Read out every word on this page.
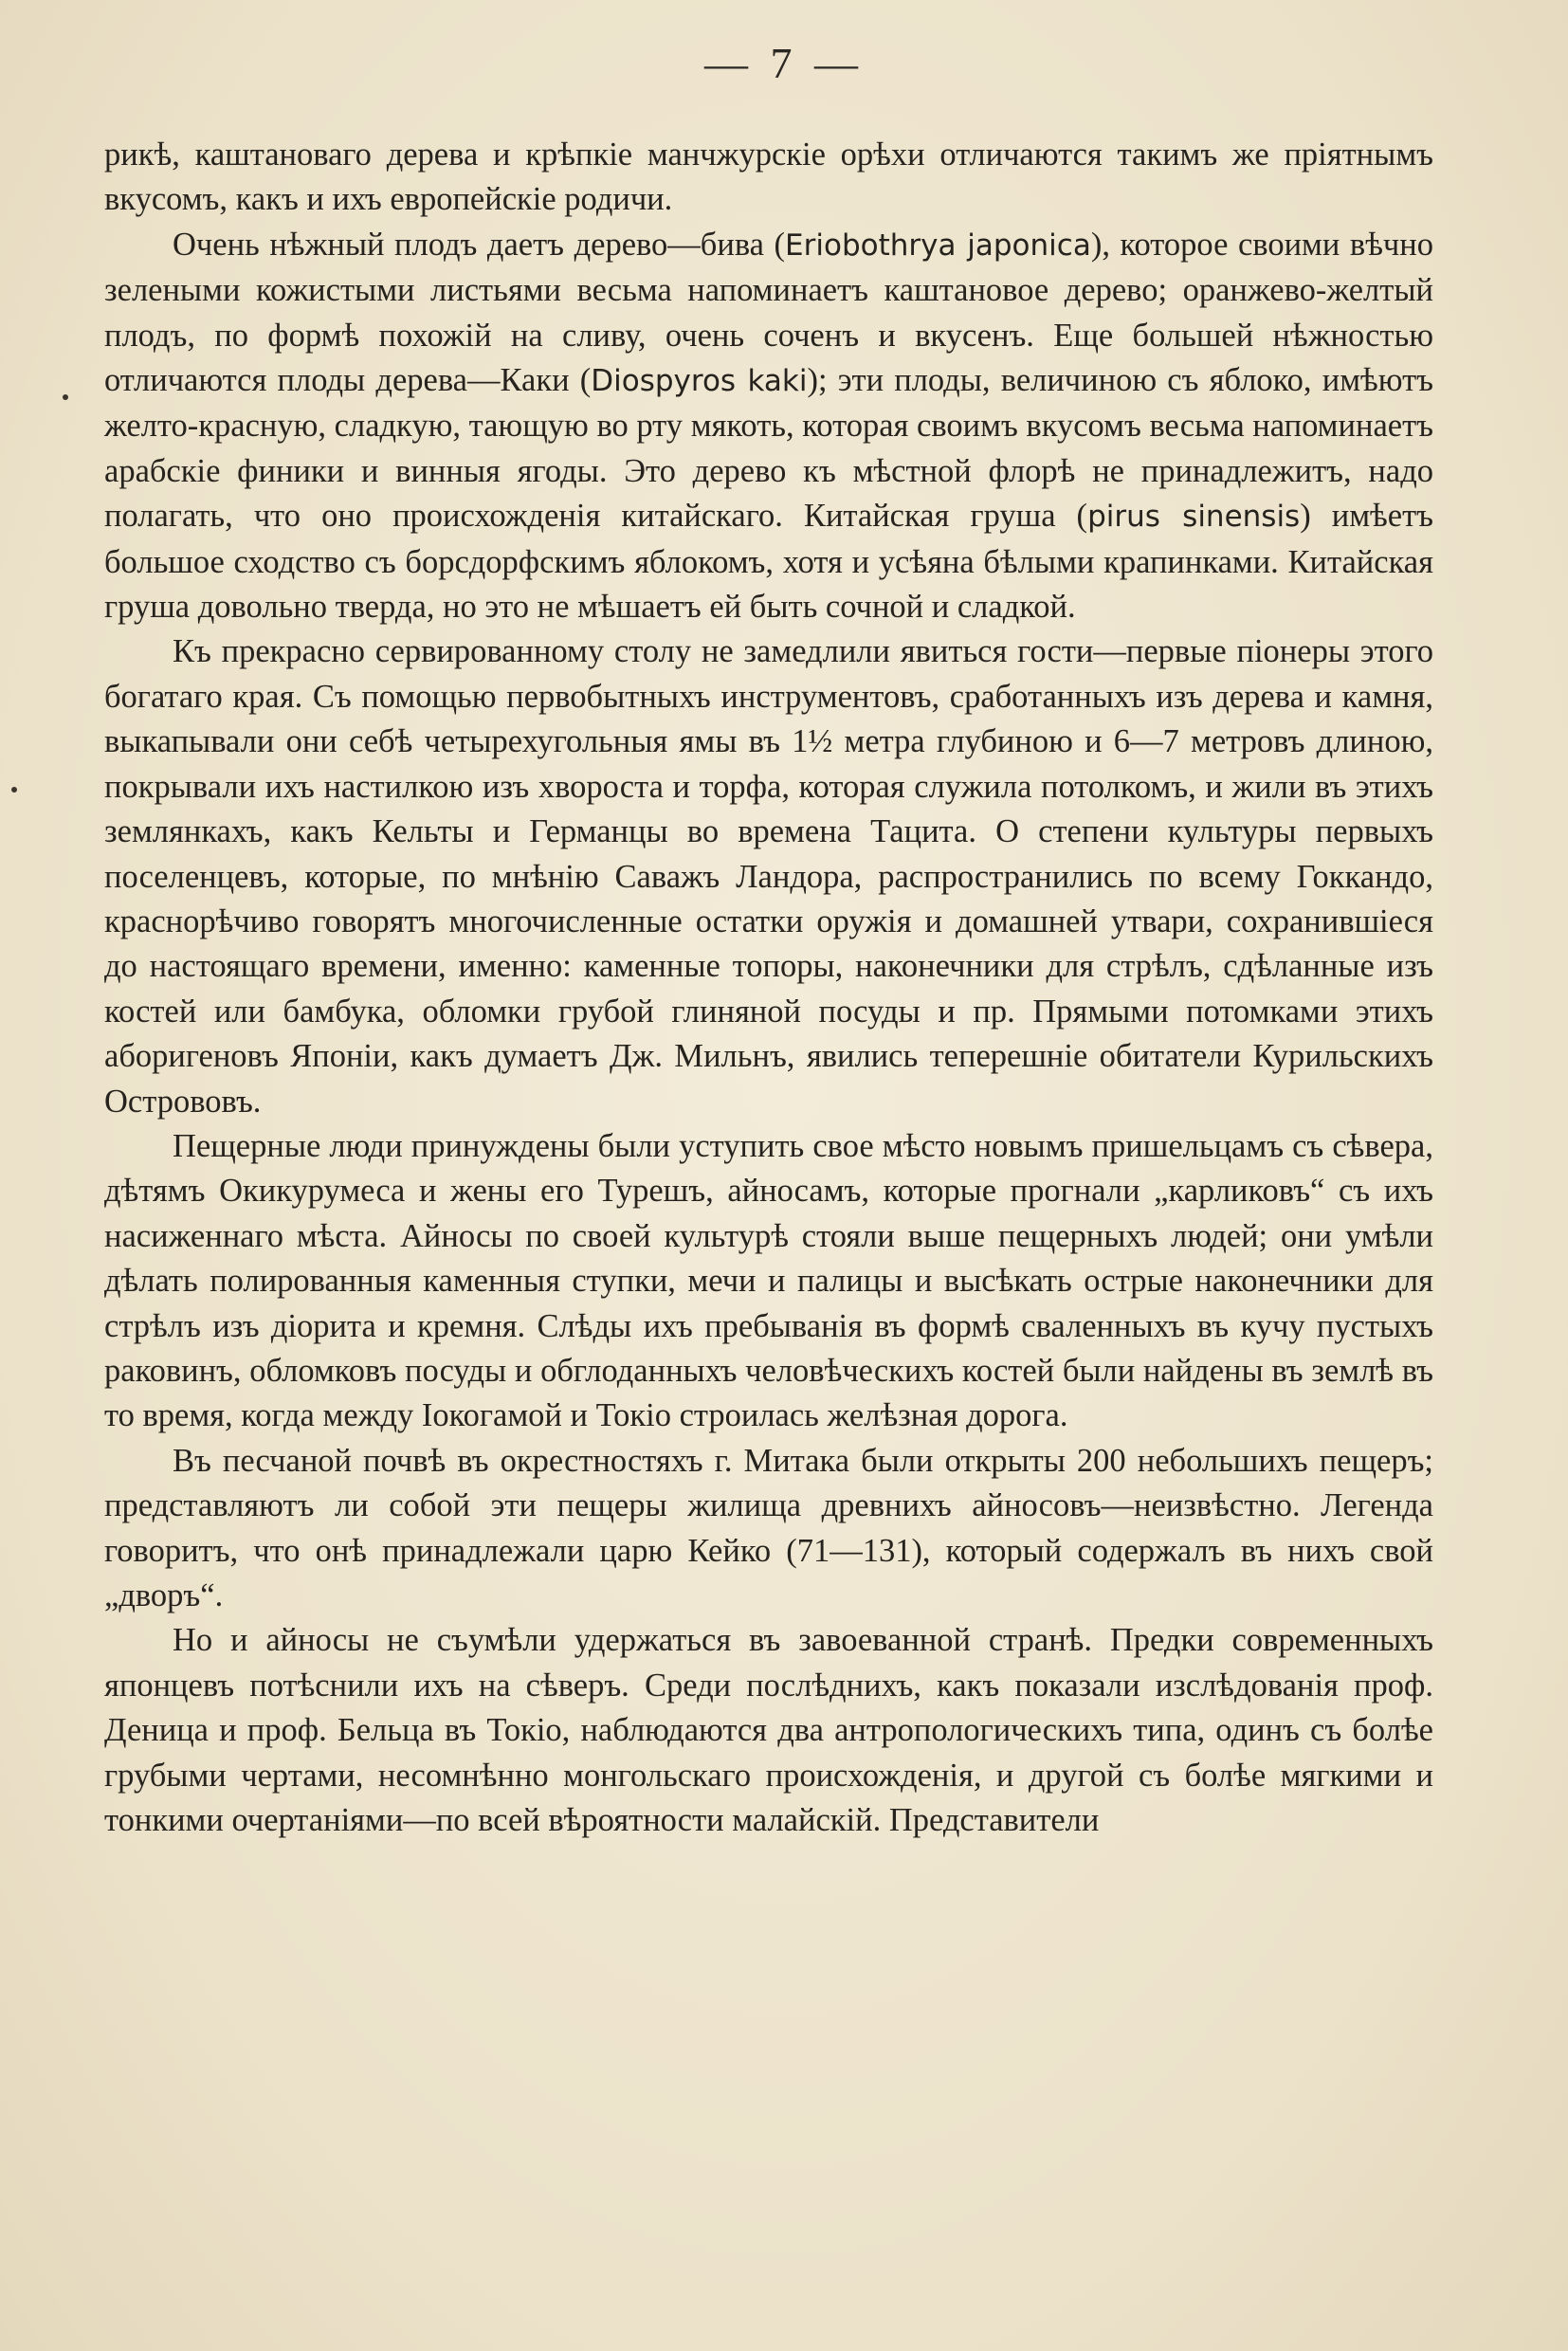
— 7 —

рикѣ, каштановаго дерева и крѣпкіе манчжурскіе орѣхи отличаются такимъ же пріятнымъ вкусомъ, какъ и ихъ европейскіе родичи.

Очень нѣжный плодъ даетъ дерево—бива (Eriobothrya japonica), которое своими вѣчно зелеными кожистыми листьями весьма напоминаетъ каштановое дерево; оранжево-желтый плодъ, по формѣ похожій на сливу, очень соченъ и вкусенъ. Еще большей нѣжностью отличаются плоды дерева—Каки (Diospyros kaki); эти плоды, величиною съ яблоко, имѣютъ желто-красную, сладкую, тающую во рту мякоть, которая своимъ вкусомъ весьма напоминаетъ арабскіе финики и винныя ягоды. Это дерево къ мѣстной флорѣ не принадлежитъ, надо полагать, что оно происхожденія китайскаго. Китайская груша (pirus sinensis) имѣетъ большое сходство съ борсдорфскимъ яблокомъ, хотя и усѣяна бѣлыми крапинками. Китайская груша довольно тверда, но это не мѣшаетъ ей быть сочной и сладкой.

Къ прекрасно сервированному столу не замедлили явиться гости—первые піонеры этого богатаго края. Съ помощью первобытныхъ инструментовъ, сработанныхъ изъ дерева и камня, выкапывали они себѣ четырехугольныя ямы въ 1½ метра глубиною и 6—7 метровъ длиною, покрывали ихъ настилкою изъ хвороста и торфа, которая служила потолкомъ, и жили въ этихъ землянкахъ, какъ Кельты и Германцы во времена Тацита. О степени культуры первыхъ поселенцевъ, которые, по мнѣнію Саважъ Ландора, распространились по всему Гоккандо, краснорѣчиво говорятъ многочисленные остатки оружія и домашней утвари, сохранившіеся до настоящаго времени, именно: каменные топоры, наконечники для стрѣлъ, сдѣланные изъ костей или бамбука, обломки грубой глиняной посуды и пр. Прямыми потомками этихъ аборигеновъ Японіи, какъ думаетъ Дж. Мильнъ, явились теперешніе обитатели Курильскихъ Острововъ.

Пещерные люди принуждены были уступить свое мѣсто новымъ пришельцамъ съ сѣвера, дѣтямъ Окикурумеса и жены его Турешъ, айносамъ, которые прогнали „карликовъ“ съ ихъ насиженнаго мѣста. Айносы по своей культурѣ стояли выше пещерныхъ людей; они умѣли дѣлать полированныя каменныя ступки, мечи и палицы и высѣкать острые наконечники для стрѣлъ изъ діорита и кремня. Слѣды ихъ пребыванія въ формѣ сваленныхъ въ кучу пустыхъ раковинъ, обломковъ посуды и обглоданныхъ человѣческихъ костей были найдены въ землѣ въ то время, когда между Іокогамой и Токіо строилась желѣзная дорога.

Въ песчаной почвѣ въ окрестностяхъ г. Митака были открыты 200 небольшихъ пещеръ; представляютъ ли собой эти пещеры жилища древнихъ айносовъ—неизвѣстно. Легенда говоритъ, что онѣ принадлежали царю Кейко (71—131), который содержалъ въ нихъ свой „дворъ“.

Но и айносы не съумѣли удержаться въ завоеванной странѣ. Предки современныхъ японцевъ потѣснили ихъ на сѣверъ. Среди послѣднихъ, какъ показали изслѣдованія проф. Деница и проф. Бельца въ Токіо, наблюдаются два антропологическихъ типа, одинъ съ болѣе грубыми чертами, несомнѣнно монгольскаго происхожденія, и другой съ болѣе мягкими и тонкими очертаніями—по всей вѣроятности малайскій. Представители
